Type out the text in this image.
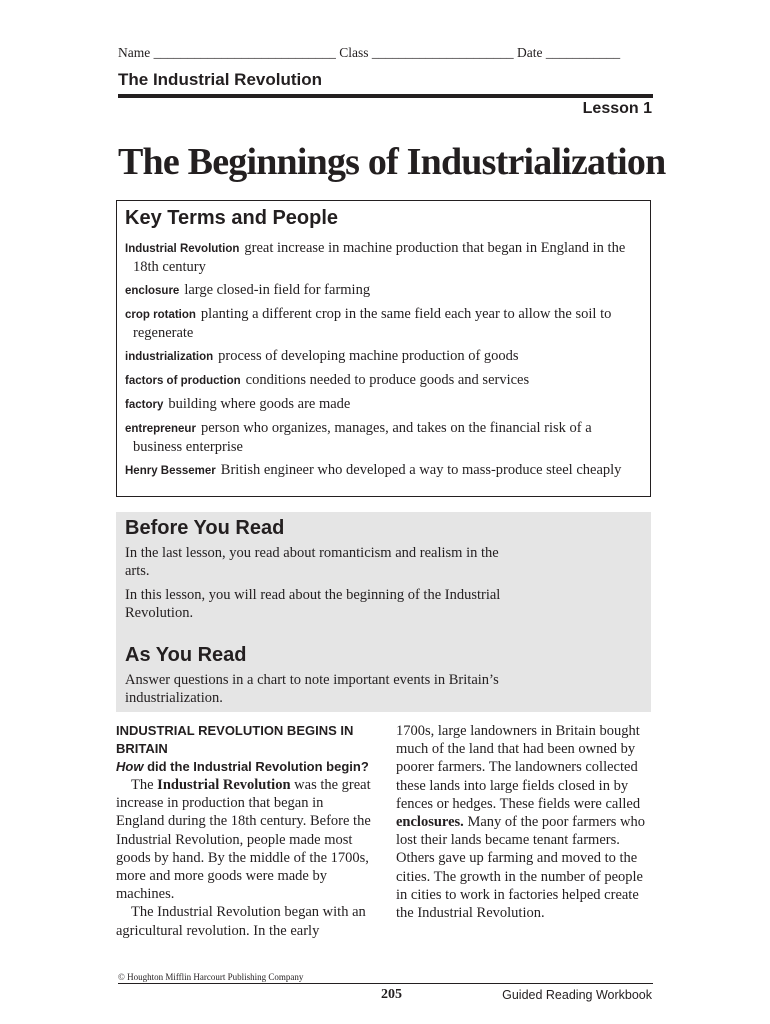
Name ___________________________ Class _____________________ Date ___________
The Industrial Revolution
Lesson 1
The Beginnings of Industrialization
Key Terms and People
Industrial Revolution great increase in machine production that began in England in the 18th century
enclosure large closed-in field for farming
crop rotation planting a different crop in the same field each year to allow the soil to regenerate
industrialization process of developing machine production of goods
factors of production conditions needed to produce goods and services
factory building where goods are made
entrepreneur person who organizes, manages, and takes on the financial risk of a business enterprise
Henry Bessemer British engineer who developed a way to mass-produce steel cheaply
Before You Read

In the last lesson, you read about romanticism and realism in the arts.

In this lesson, you will read about the beginning of the Industrial Revolution.

As You Read

Answer questions in a chart to note important events in Britain’s industrialization.

INDUSTRIAL REVOLUTION BEGINS IN BRITAIN

How did the Industrial Revolution begin?

The Industrial Revolution was the great increase in production that began in England during the 18th century. Before the Industrial Revolution, people made most goods by hand. By the middle of the 1700s, more and more goods were made by machines.

The Industrial Revolution began with an agricultural revolution. In the early

1700s, large landowners in Britain bought much of the land that had been owned by poorer farmers. The landowners collected these lands into large fields closed in by fences or hedges. These fields were called enclosures. Many of the poor farmers who lost their lands became tenant farmers. Others gave up farming and moved to the cities. The growth in the number of people in cities to work in factories helped create the Industrial Revolution.

© Houghton Mifflin Harcourt Publishing Company
205	Guided Reading Workbook
